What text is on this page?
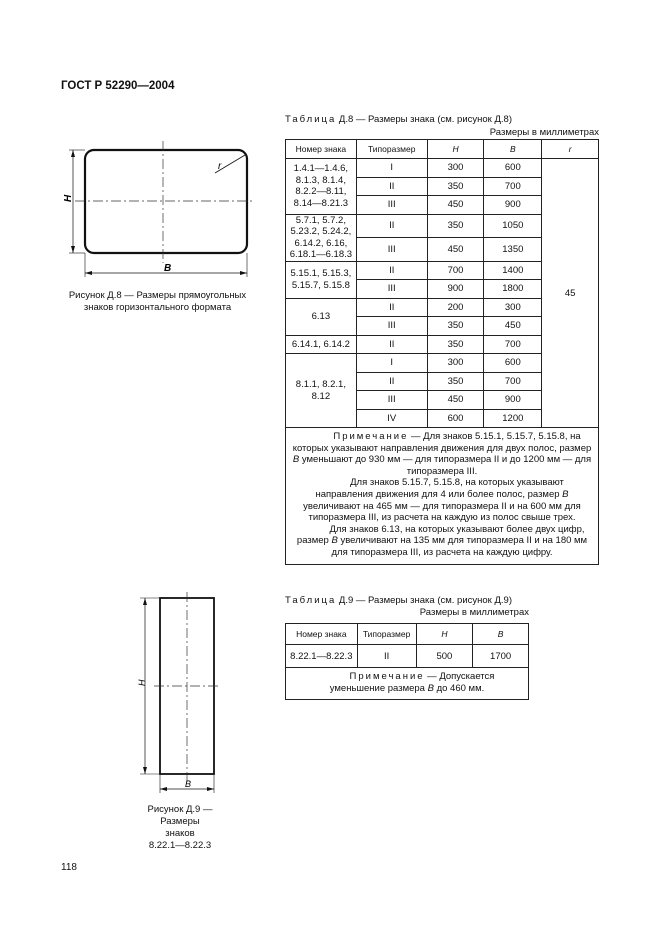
ГОСТ Р 52290—2004
r
H
B
Рисунок Д.8 — Размеры прямоугольных
знаков горизонтального формата
Таблица Д.8 — Размеры знака (см. рисунок Д.8)
Размеры в миллиметрах
Номер знака	Типоразмер	H	B	r

1.4.1—1.4.6,
8.1.3, 8.1.4,
8.2.2—8.11,
8.14—8.21.3	I	300	600	45
	II	350	700	
	III	450	900	

5.7.1, 5.7.2,
5.23.2, 5.24.2,
6.14.2, 6.16,
6.18.1—6.18.3	II	350	1050	
	III	450	1350	

5.15.1, 5.15.3,
5.15.7, 5.15.8	II	700	1400	
	III	900	1800	

6.13	II	200	300	
	III	350	450	

6.14.1, 6.14.2	II	350	700	

8.1.1, 8.2.1,
8.12	I	300	600	
	II	350	700	
	III	450	900	
	IV	600	1200	

Примечание — Для знаков 5.15.1, 5.15.7, 5.15.8, на которых указывают направления движения для двух полос, размер B уменьшают до 930 мм — для типоразмера II и до 1200 мм — для типоразмера III.

Для знаков 5.15.7, 5.15.8, на которых указывают направления движения для 4 или более полос, размер B увеличивают на 465 мм — для типоразмера II и на 600 мм для типоразмера III, из расчета на каждую из полос свыше трех.

Для знаков 6.13, на которых указывают более двух цифр, размер B увеличивают на 135 мм для типоразмера II и на 180 мм для типоразмера III, из расчета на каждую цифру.				

H
B
Рисунок Д.9 —
Размеры
знаков
8.22.1—8.22.3
Таблица Д.9 — Размеры знака (см. рисунок Д.9)
Размеры в миллиметрах
Номер знака	Типоразмер	H	B
8.22.1—8.22.3	II	500	1700

Примечание — Допускается уменьшение размера B до 460 мм.			

118
